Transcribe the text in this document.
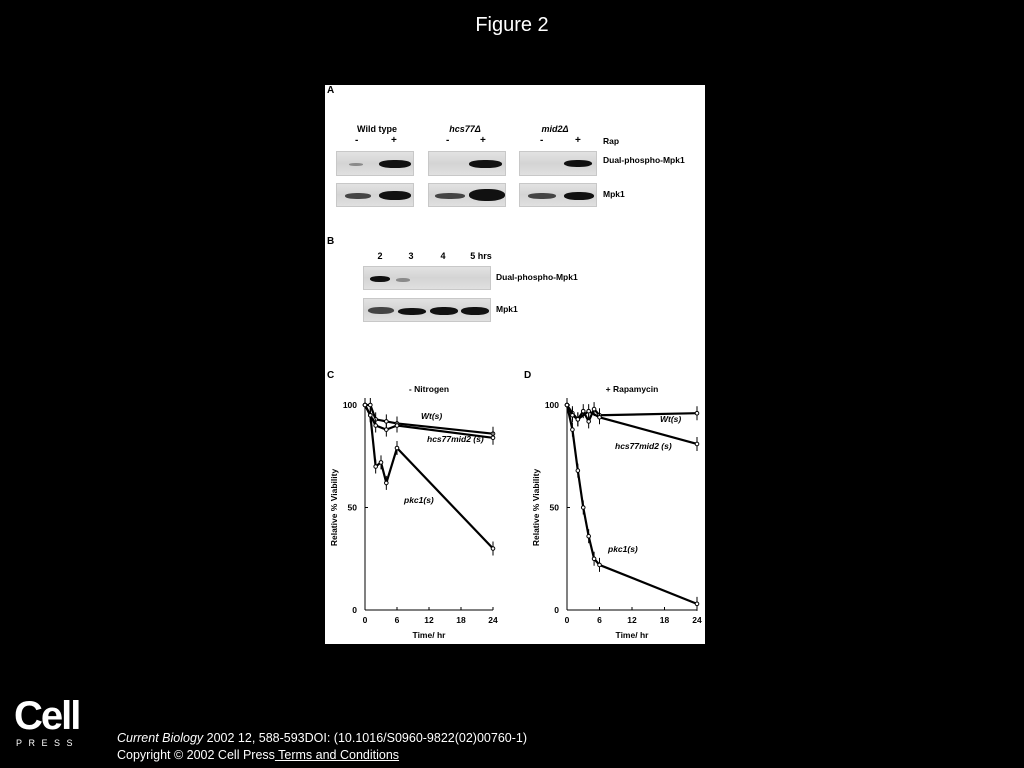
Figure 2
A
Wild type	hcs77Δ	mid2Δ
-	+	-	+	-	+	Rap
Dual-phospho-Mpk1
Mpk1
B
2	3	4	5 hrs
Dual-phospho-Mpk1
Mpk1
C
- Nitrogen
0
50
100
0	6	12	18	24
Time/ hr
Relative % Viability
Wt(s)
hcs77mid2 (s)
pkc1(s)
D
+ Rapamycin
0
50
100
0	6	12	18	24
Time/ hr
Relative % Viability
Wt(s)
hcs77mid2 (s)
pkc1(s)
Cell
PRESS	Current Biology 2002 12, 588-593DOI: (10.1016/S0960-9822(02)00760-1)
Copyright © 2002 Cell Press Terms and Conditions
